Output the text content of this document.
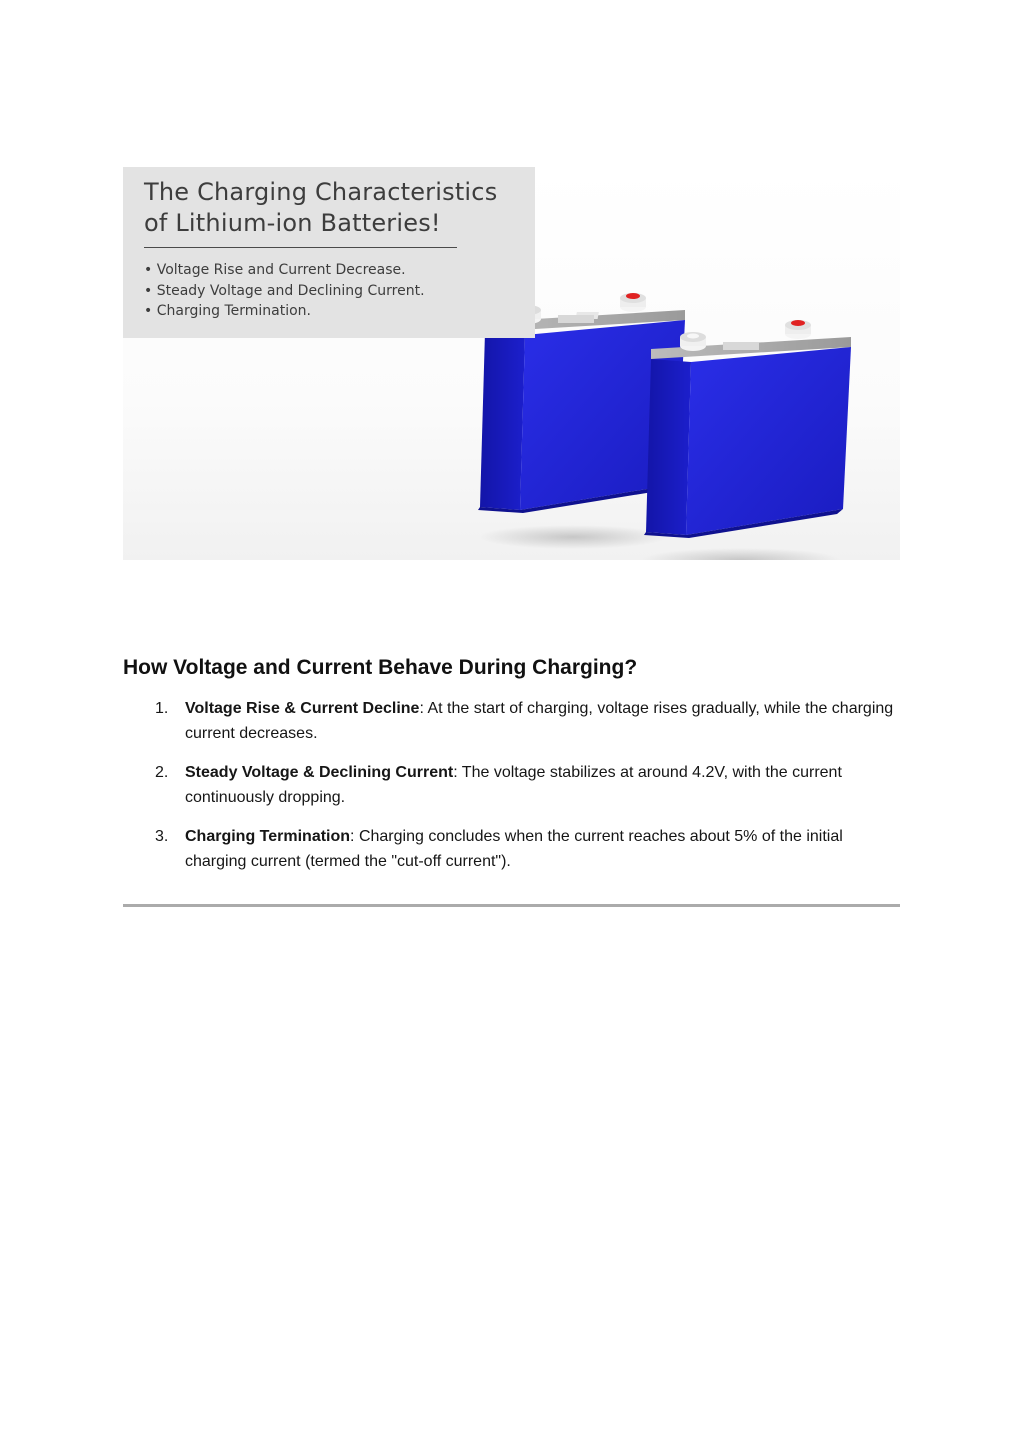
The Charging Characteristics
of Lithium-ion Batteries!
• Voltage Rise and Current Decrease.
• Steady Voltage and Declining Current.
• Charging Termination.
How Voltage and Current Behave During Charging?
1. Voltage Rise & Current Decline: At the start of charging, voltage rises gradually, while the charging current decreases.
2. Steady Voltage & Declining Current: The voltage stabilizes at around 4.2V, with the current continuously dropping.
3. Charging Termination: Charging concludes when the current reaches about 5% of the initial charging current (termed the "cut-off current").
